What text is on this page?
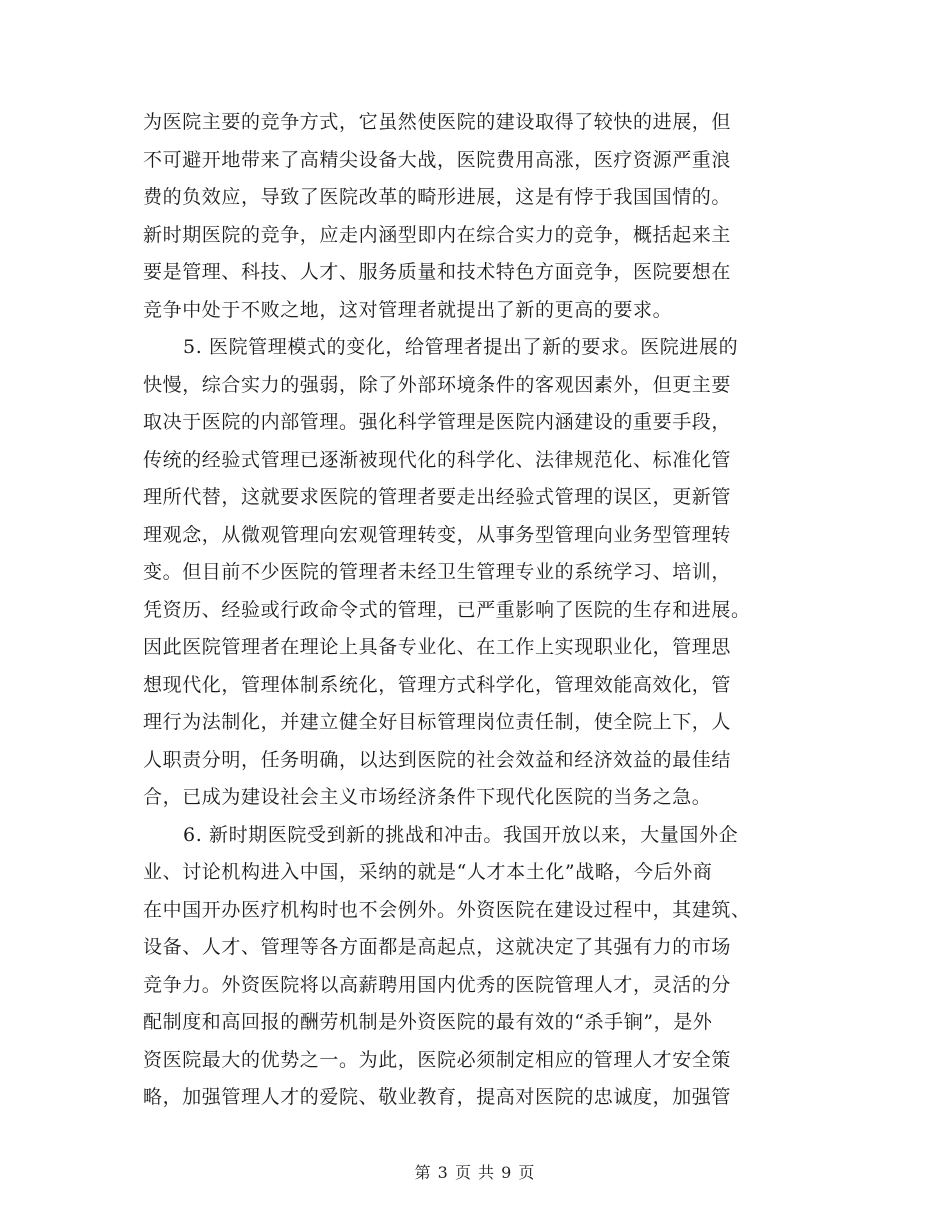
为医院主要的竞争方式，它虽然使医院的建设取得了较快的进展，但
不可避开地带来了高精尖设备大战，医院费用高涨，医疗资源严重浪
费的负效应，导致了医院改革的畸形进展，这是有悖于我国国情的。
新时期医院的竞争，应走内涵型即内在综合实力的竞争，概括起来主
要是管理、科技、人才、服务质量和技术特色方面竞争，医院要想在
竞争中处于不败之地，这对管理者就提出了新的更高的要求。
5. 医院管理模式的变化，给管理者提出了新的要求。医院进展的
快慢，综合实力的强弱，除了外部环境条件的客观因素外，但更主要
取决于医院的内部管理。强化科学管理是医院内涵建设的重要手段，
传统的经验式管理已逐渐被现代化的科学化、法律规范化、标准化管
理所代替，这就要求医院的管理者要走出经验式管理的误区，更新管
理观念，从微观管理向宏观管理转变，从事务型管理向业务型管理转
变。但目前不少医院的管理者未经卫生管理专业的系统学习、培训，
凭资历、经验或行政命令式的管理，已严重影响了医院的生存和进展。
因此医院管理者在理论上具备专业化、在工作上实现职业化，管理思
想现代化，管理体制系统化，管理方式科学化，管理效能高效化，管
理行为法制化，并建立健全好目标管理岗位责任制，使全院上下，人
人职责分明，任务明确，以达到医院的社会效益和经济效益的最佳结
合，已成为建设社会主义市场经济条件下现代化医院的当务之急。
6. 新时期医院受到新的挑战和冲击。我国开放以来，大量国外企
业、讨论机构进入中国，采纳的就是“人才本土化”战略，今后外商
在中国开办医疗机构时也不会例外。外资医院在建设过程中，其建筑、
设备、人才、管理等各方面都是高起点，这就决定了其强有力的市场
竞争力。外资医院将以高薪聘用国内优秀的医院管理人才，灵活的分
配制度和高回报的酬劳机制是外资医院的最有效的“杀手锏”，是外
资医院最大的优势之一。为此，医院必须制定相应的管理人才安全策
略，加强管理人才的爱院、敬业教育，提高对医院的忠诚度，加强管
第 3 页 共 9 页
